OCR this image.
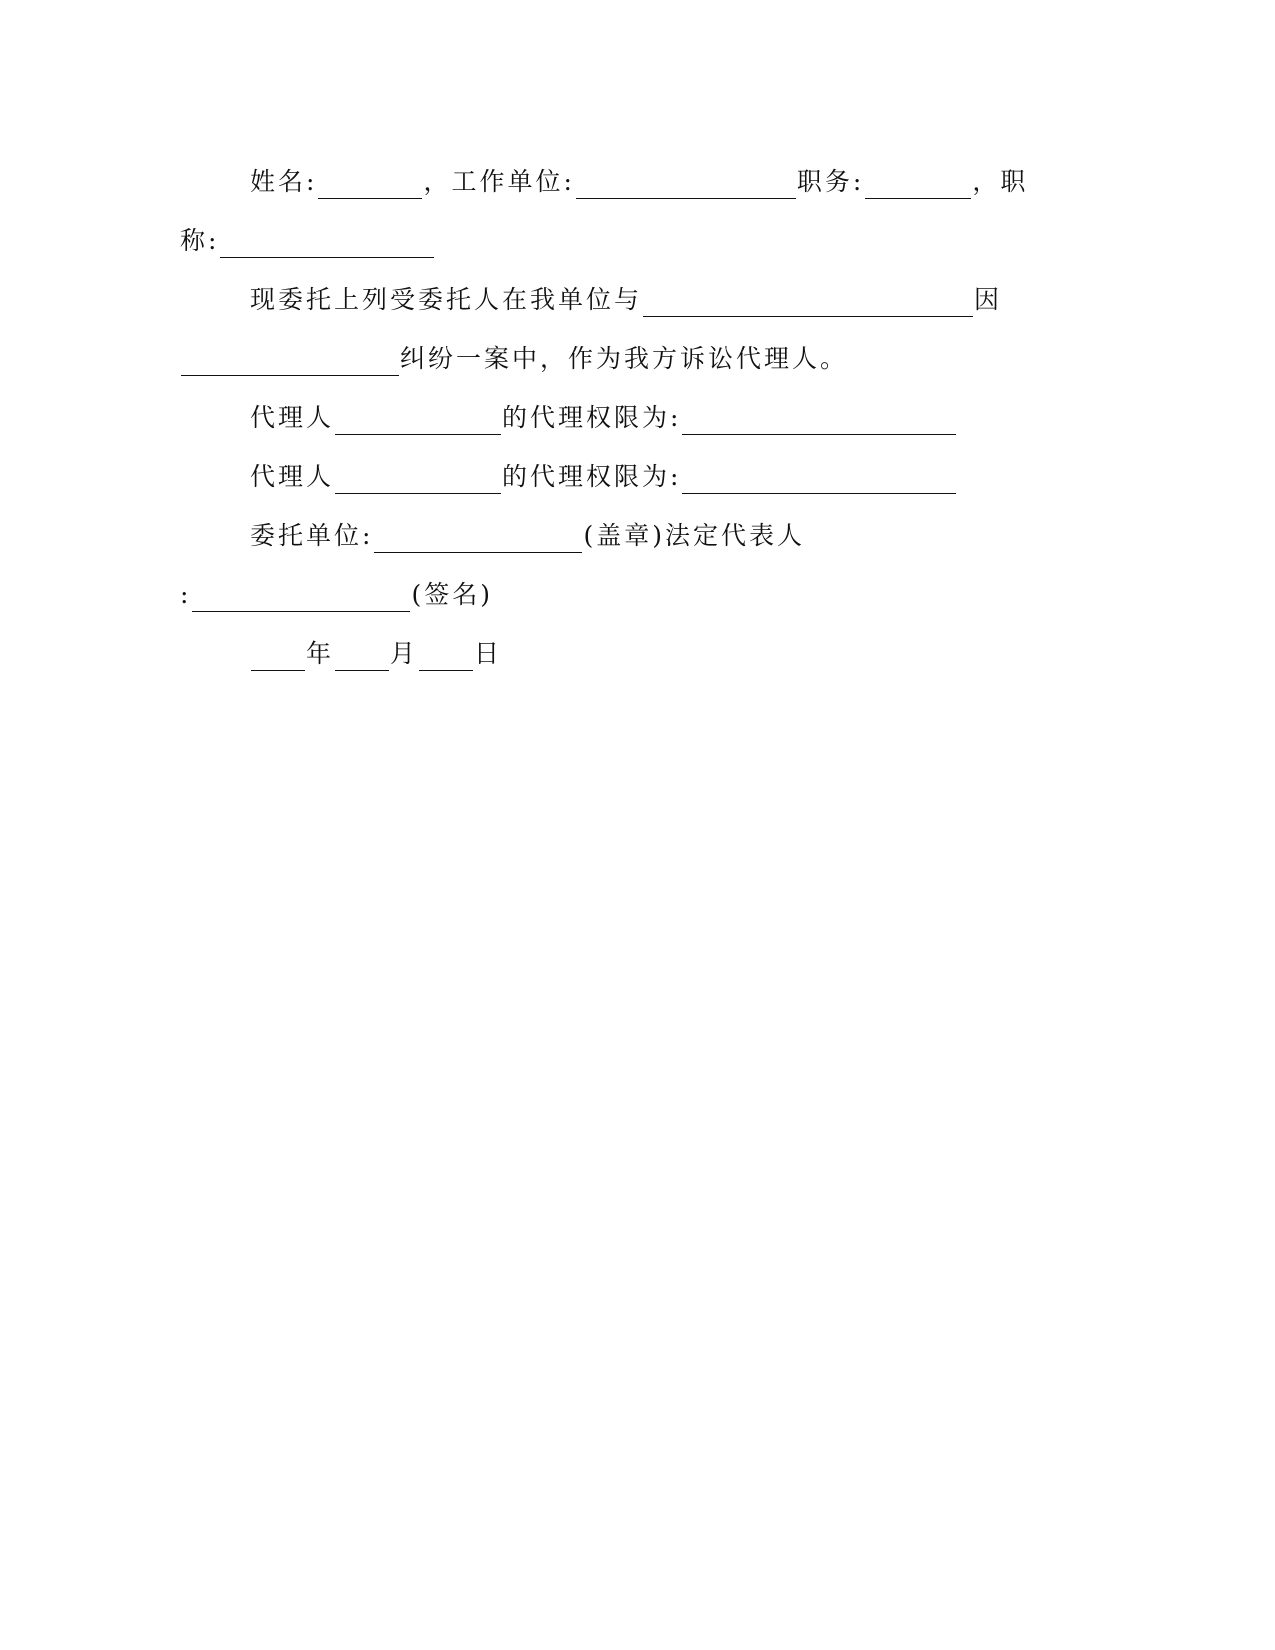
姓名:	， 工作单位:	职务:	， 职
称:
现委托上列受委托人在我单位与	因
纠纷一案中，作为我方诉讼代理人。
代理人	的代理权限为:
代理人	的代理权限为:
委托单位:	(盖章)法定代表人
:	(签名)
年 月 日
